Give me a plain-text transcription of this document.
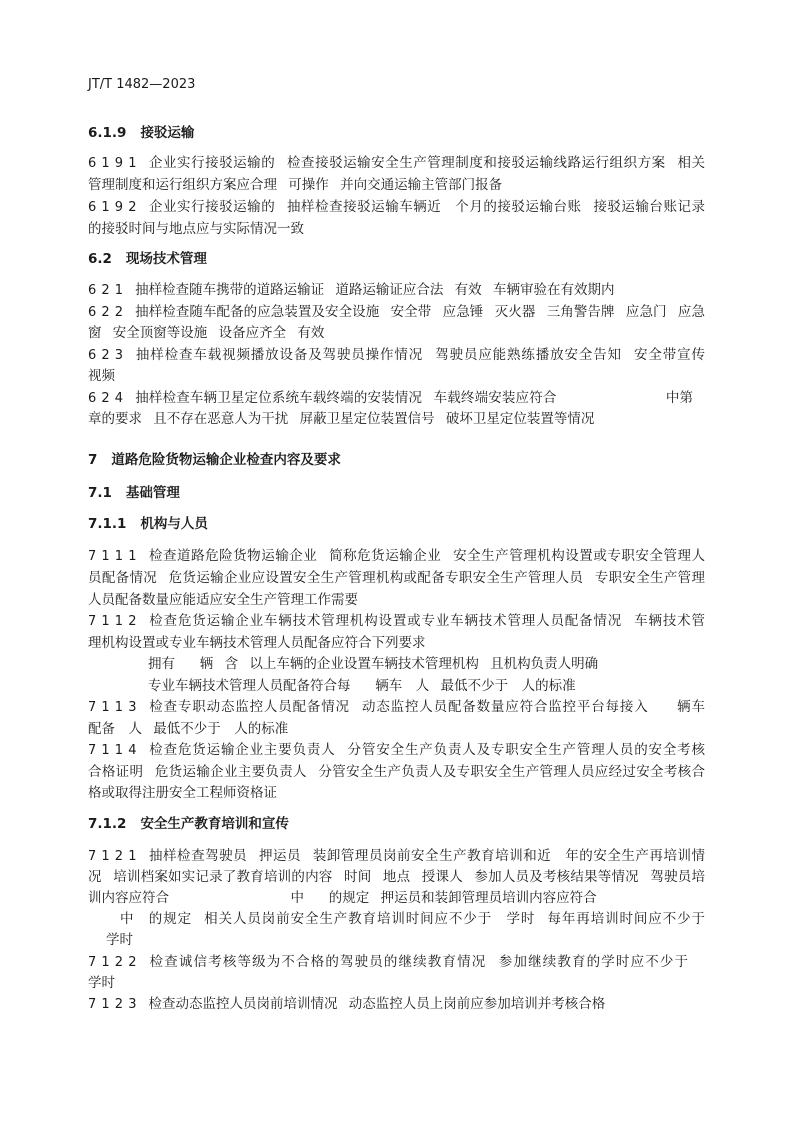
JT/T 1482—2023
6.1.9 接驳运输
6 1 9 1 企业实行接驳运输的 检查接驳运输安全生产管理制度和接驳运输线路运行组织方案 相关
管理制度和运行组织方案应合理 可操作 并向交通运输主管部门报备
6 1 9 2 企业实行接驳运输的 抽样检查接驳运输车辆近　个月的接驳运输台账 接驳运输台账记录
的接驳时间与地点应与实际情况一致
6.2 现场技术管理
6 2 1 抽样检查随车携带的道路运输证 道路运输证应合法 有效 车辆审验在有效期内
6 2 2 抽样检查随车配备的应急装置及安全设施 安全带 应急锤 灭火器 三角警告牌 应急门 应急
窗 安全顶窗等设施 设备应齐全 有效
6 2 3 抽样检查车载视频播放设备及驾驶员操作情况 驾驶员应能熟练播放安全告知 安全带宣传
视频
6 2 4 抽样检查车辆卫星定位系统车载终端的安装情况 车载终端安装应符合　　　　　　　　中第
章的要求 且不存在恶意人为干扰 屏蔽卫星定位装置信号 破坏卫星定位装置等情况
7 道路危险货物运输企业检查内容及要求
7.1 基础管理
7.1.1 机构与人员
7 1 1 1 检查道路危险货物运输企业 简称危货运输企业 安全生产管理机构设置或专职安全管理人
员配备情况 危货运输企业应设置安全生产管理机构或配备专职安全生产管理人员 专职安全生产管理
人员配备数量应能适应安全生产管理工作需要
7 1 1 2 检查危货运输企业车辆技术管理机构设置或专业车辆技术管理人员配备情况 车辆技术管
理机构设置或专业车辆技术管理人员配备应符合下列要求
拥有　 辆 含 以上车辆的企业设置车辆技术管理机构 且机构负责人明确
专业车辆技术管理人员配备符合每　 辆车　人 最低不少于　人的标准
7 1 1 3 检查专职动态监控人员配备情况 动态监控人员配备数量应符合监控平台每接入　　辆车
配备　人 最低不少于　人的标准
7 1 1 4 检查危货运输企业主要负责人 分管安全生产负责人及专职安全生产管理人员的安全考核
合格证明 危货运输企业主要负责人 分管安全生产负责人及专职安全生产管理人员应经过安全考核合
格或取得注册安全工程师资格证
7.1.2 安全生产教育培训和宣传
7 1 2 1 抽样检查驾驶员 押运员 装卸管理员岗前安全生产教育培训和近　年的安全生产再培训情
况 培训档案如实记录了教育培训的内容 时间 地点 授课人 参加人员及考核结果等情况 驾驶员培
训内容应符合　　　　　　　　　中　 的规定 押运员和装卸管理员培训内容应符合
中　的规定 相关人员岗前安全生产教育培训时间应不少于　学时 每年再培训时间应不少于
学时
7 1 2 2 检查诚信考核等级为不合格的驾驶员的继续教育情况 参加继续教育的学时应不少于
学时
7 1 2 3 检查动态监控人员岗前培训情况 动态监控人员上岗前应参加培训并考核合格
